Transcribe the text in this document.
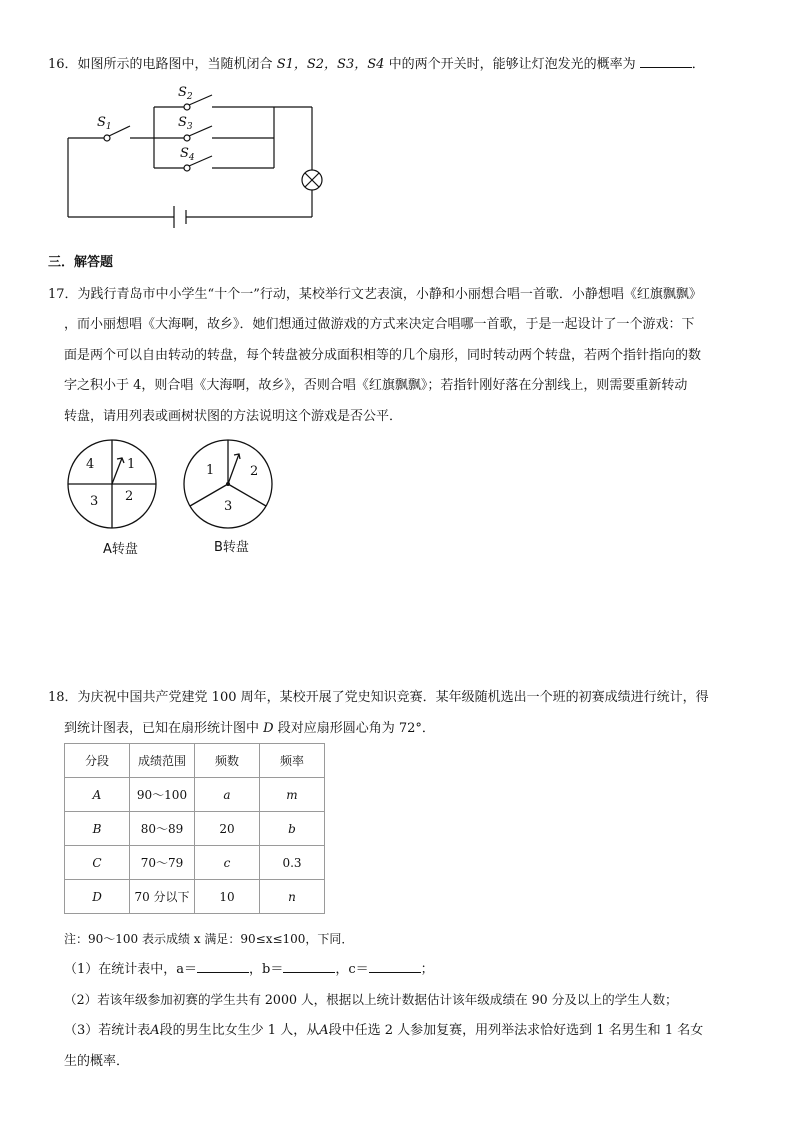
16．如图所示的电路图中，当随机闭合 S1，S2，S3，S4 中的两个开关时，能够让灯泡发光的概率为	．
$S_1$
$S_2$
$S_3$
$S_4$
三．解答题
17．为践行青岛市中小学生“十个一”行动，某校举行文艺表演，小静和小丽想合唱一首歌．小静想唱《红旗飘飘》
，而小丽想唱《大海啊，故乡》．她们想通过做游戏的方式来决定合唱哪一首歌，于是一起设计了一个游戏：下
面是两个可以自由转动的转盘，每个转盘被分成面积相等的几个扇形，同时转动两个转盘，若两个指针指向的数
字之积小于 4，则合唱《大海啊，故乡》，否则合唱《红旗飘飘》；若指针刚好落在分割线上，则需要重新转动
转盘，请用列表或画树状图的方法说明这个游戏是否公平．
1
2
3
4
A转盘
1	2
3
B转盘
18．为庆祝中国共产党建党 100 周年，某校开展了党史知识竞赛．某年级随机选出一个班的初赛成绩进行统计，得
到统计图表，已知在扇形统计图中 D 段对应扇形圆心角为 72°．
分段	成绩范围	频数	频率
A	90～100	a	m
B	80～89	20	b
C	70～79	c	0.3
D	70 分以下	10	n
注：90～100 表示成绩 x 满足：90≤x≤100，下同．
（1）在统计表中，a＝	，b＝	，c＝	；
（2）若该年级参加初赛的学生共有 2000 人，根据以上统计数据估计该年级成绩在 90 分及以上的学生人数；
（3）若统计表A段的男生比女生少 1 人，从A段中任选 2 人参加复赛，用列举法求恰好选到 1 名男生和 1 名女
生的概率．
